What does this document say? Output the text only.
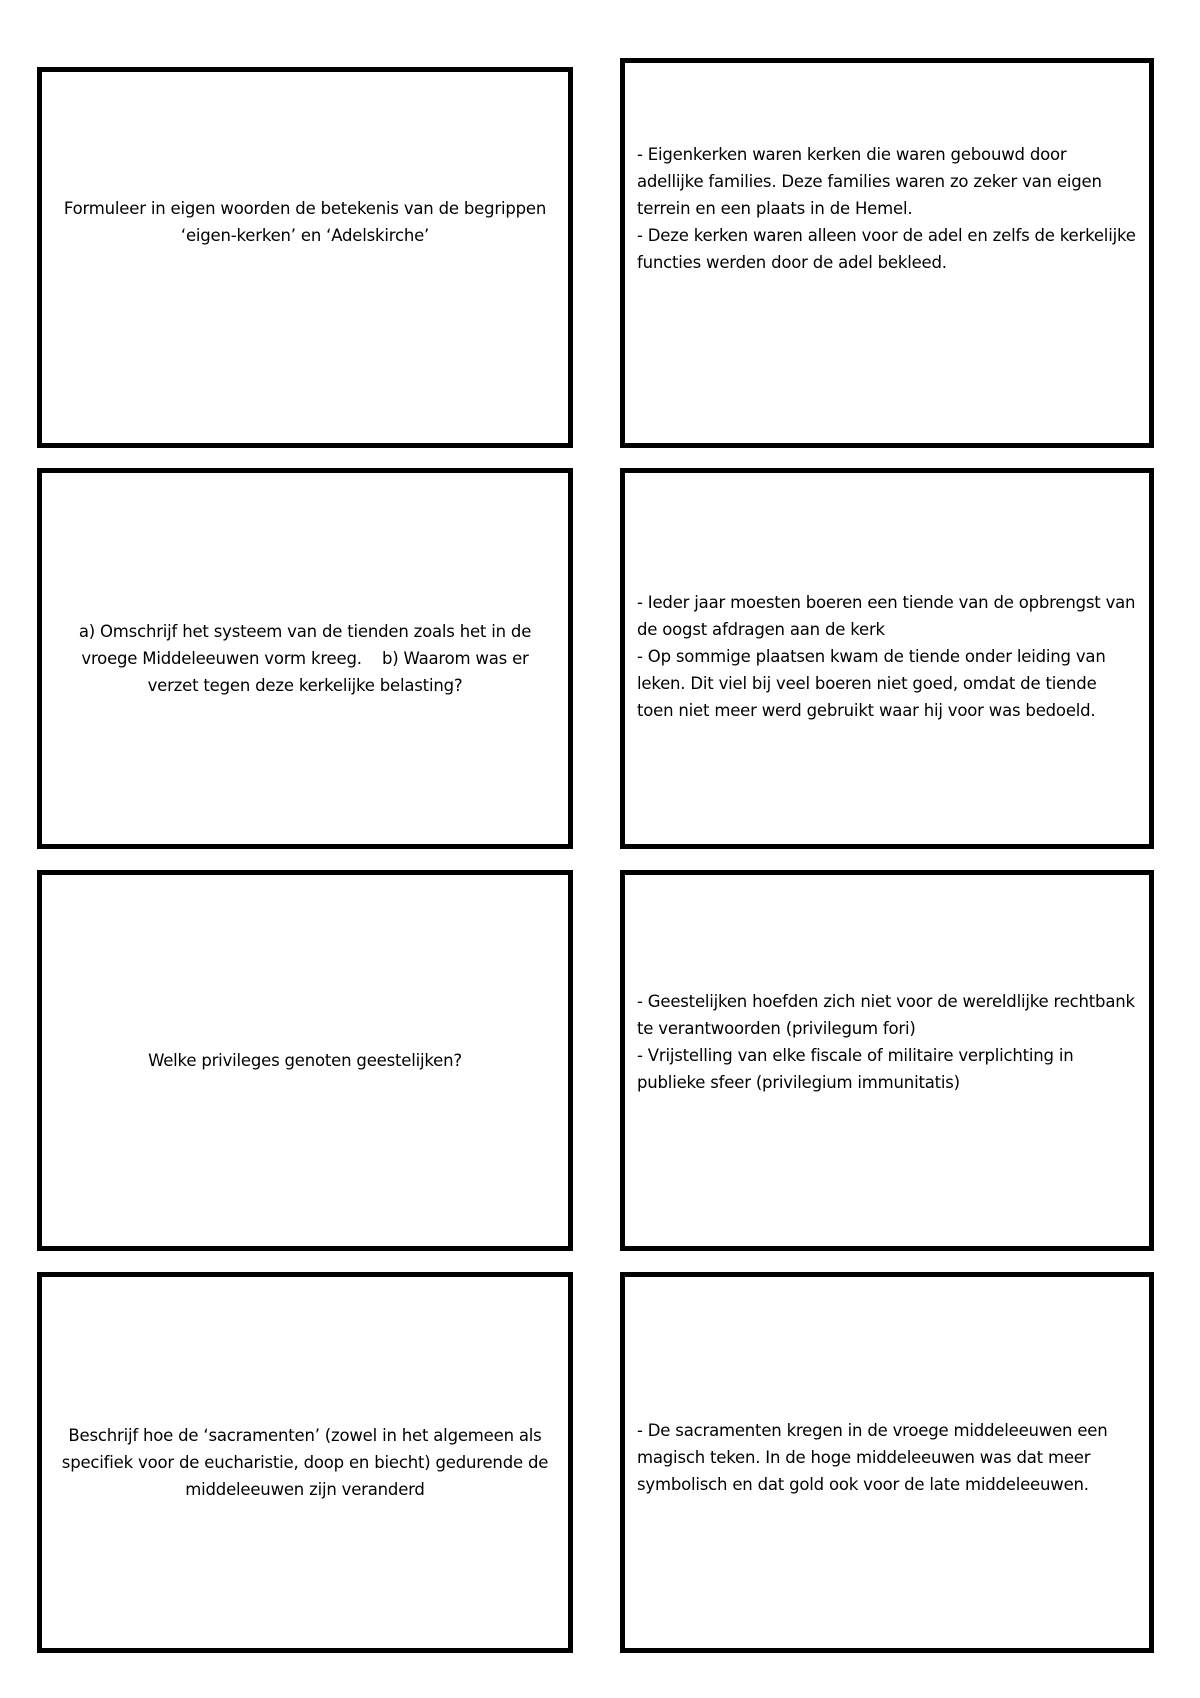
Formuleer in eigen woorden de betekenis van de begrippen ‘eigen-kerken’ en ‘Adelskirche’
- Eigenkerken waren kerken die waren gebouwd door adellijke families. Deze families waren zo zeker van eigen terrein en een plaats in de Hemel.
- Deze kerken waren alleen voor de adel en zelfs de kerkelijke functies werden door de adel bekleed.
a) Omschrijf het systeem van de tienden zoals het in de vroege Middeleeuwen vorm kreeg.    b) Waarom was er verzet tegen deze kerkelijke belasting?
- Ieder jaar moesten boeren een tiende van de opbrengst van de oogst afdragen aan de kerk
- Op sommige plaatsen kwam de tiende onder leiding van leken. Dit viel bij veel boeren niet goed, omdat de tiende toen niet meer werd gebruikt waar hij voor was bedoeld.
Welke privileges genoten geestelijken?
- Geestelijken hoefden zich niet voor de wereldlijke rechtbank te verantwoorden (privilegum fori)
- Vrijstelling van elke fiscale of militaire verplichting in publieke sfeer (privilegium immunitatis)
Beschrijf hoe de ‘sacramenten’ (zowel in het algemeen als specifiek voor de eucharistie, doop en biecht) gedurende de middeleeuwen zijn veranderd
- De sacramenten kregen in de vroege middeleeuwen een magisch teken. In de hoge middeleeuwen was dat meer symbolisch en dat gold ook voor de late middeleeuwen.
